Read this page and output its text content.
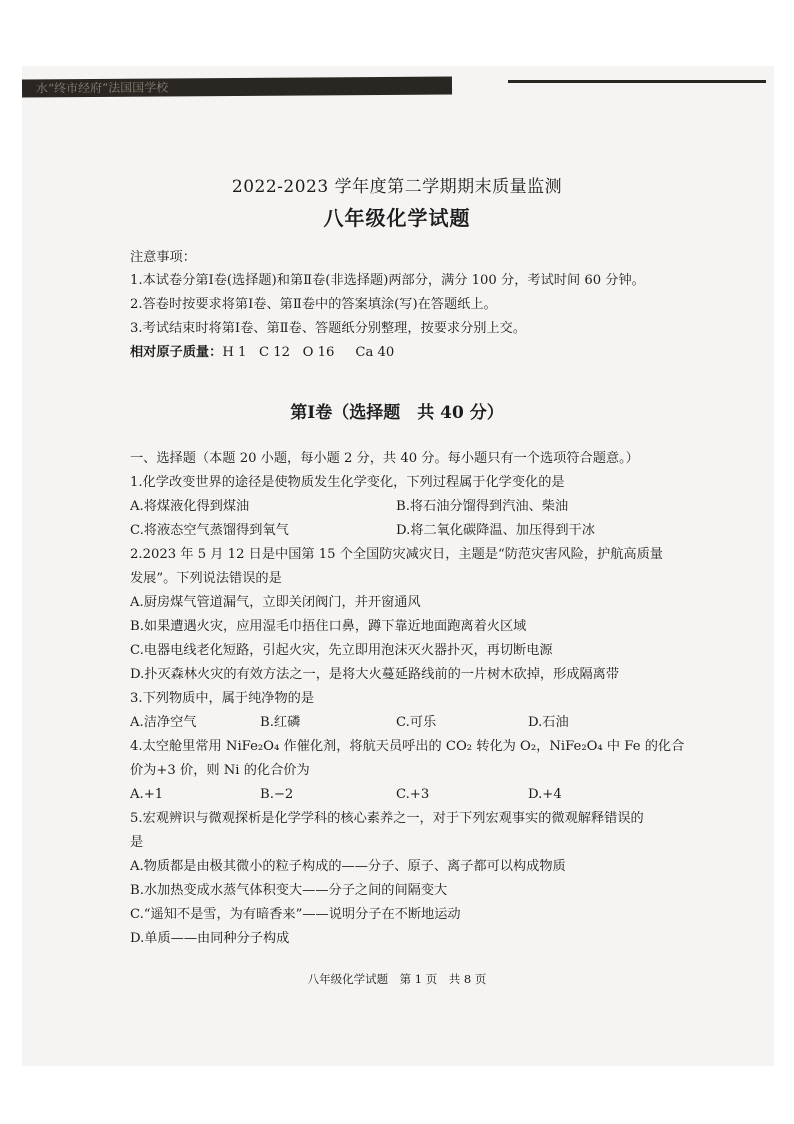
水“终市经府”法国国学校
2022-2023 学年度第二学期期末质量监测
八年级化学试题
注意事项：
1.本试卷分第Ⅰ卷(选择题)和第Ⅱ卷(非选择题)两部分，满分 100 分，考试时间 60 分钟。
2.答卷时按要求将第Ⅰ卷、第Ⅱ卷中的答案填涂(写)在答题纸上。
3.考试结束时将第Ⅰ卷、第Ⅱ卷、答题纸分别整理，按要求分别上交。
相对原子质量：H 1   C 12   O 16     Ca 40
第Ⅰ卷（选择题　共 40 分）
一、选择题（本题 20 小题，每小题 2 分，共 40 分。每小题只有一个选项符合题意。）
1.化学改变世界的途径是使物质发生化学变化，下列过程属于化学变化的是
A.将煤液化得到煤油	B.将石油分馏得到汽油、柴油
C.将液态空气蒸馏得到氧气	D.将二氧化碳降温、加压得到干冰
2.2023 年 5 月 12 日是中国第 15 个全国防灾减灾日，主题是“防范灾害风险，护航高质量
发展”。下列说法错误的是
A.厨房煤气管道漏气，立即关闭阀门，并开窗通风
B.如果遭遇火灾，应用湿毛巾捂住口鼻，蹲下靠近地面跑离着火区域
C.电器电线老化短路，引起火灾，先立即用泡沫灭火器扑灭，再切断电源
D.扑灭森林火灾的有效方法之一，是将大火蔓延路线前的一片树木砍掉，形成隔离带
3.下列物质中，属于纯净物的是
A.洁净空气	B.红磷	C.可乐	D.石油
4.太空舱里常用 NiFe₂O₄ 作催化剂，将航天员呼出的 CO₂ 转化为 O₂，NiFe₂O₄ 中 Fe 的化合
价为+3 价，则 Ni 的化合价为
A.+1	B.−2	C.+3	D.+4
5.宏观辨识与微观探析是化学学科的核心素养之一，对于下列宏观事实的微观解释错误的
是
A.物质都是由极其微小的粒子构成的——分子、原子、离子都可以构成物质
B.水加热变成水蒸气体积变大——分子之间的间隔变大
C.“遥知不是雪，为有暗香来”——说明分子在不断地运动
D.单质——由同种分子构成
八年级化学试题　第 1 页　共 8 页
